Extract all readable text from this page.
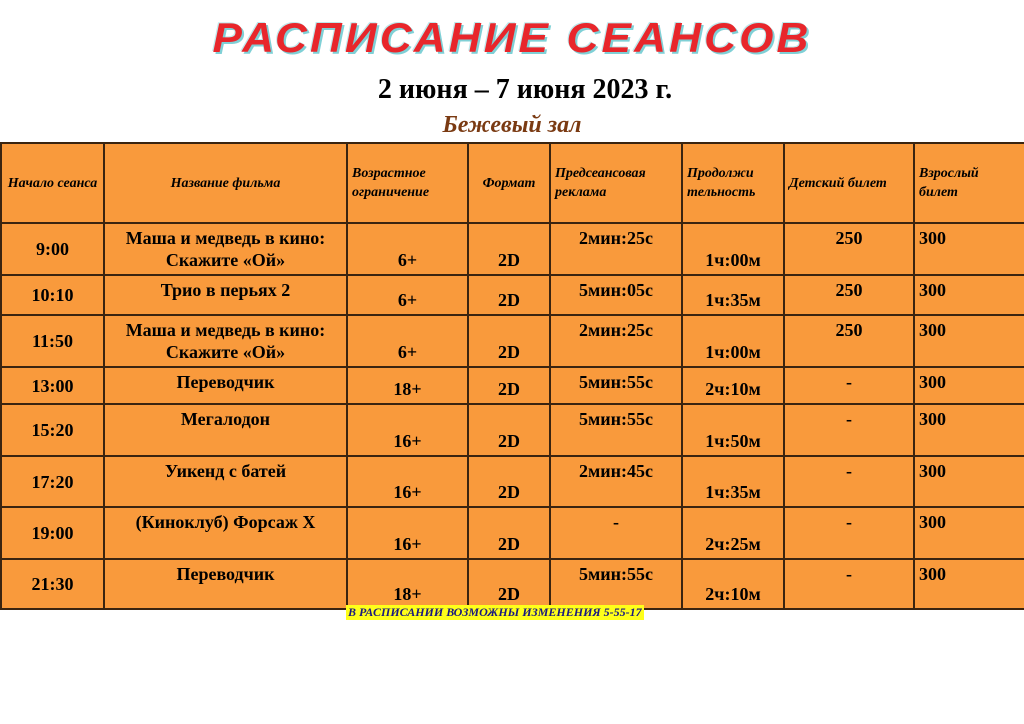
РАСПИСАНИЕ СЕАНСОВ
2 июня – 7 июня 2023 г.
Бежевый зал
Начало сеанса	Название фильма	Возрастное ограничение	Формат	Предсеансовая реклама	Продолжи тельность	Детский билет	Взрослый билет
9:00	Маша и медведь в кино: Скажите «Ой»	6+	2D	2мин:25с	1ч:00м	250	300
10:10	Трио в перьях 2	6+	2D	5мин:05с	1ч:35м	250	300
11:50	Маша и медведь в кино: Скажите «Ой»	6+	2D	2мин:25с	1ч:00м	250	300
13:00	Переводчик	18+	2D	5мин:55с	2ч:10м	-	300
15:20	Мегалодон	16+	2D	5мин:55с	1ч:50м	-	300
17:20	Уикенд с батей	16+	2D	2мин:45с	1ч:35м	-	300
19:00	(Киноклуб) Форсаж Х	16+	2D	-	2ч:25м	-	300
21:30	Переводчик	18+	2D	5мин:55с	2ч:10м	-	300
В РАСПИСАНИИ ВОЗМОЖНЫ ИЗМЕНЕНИЯ 5-55-17
